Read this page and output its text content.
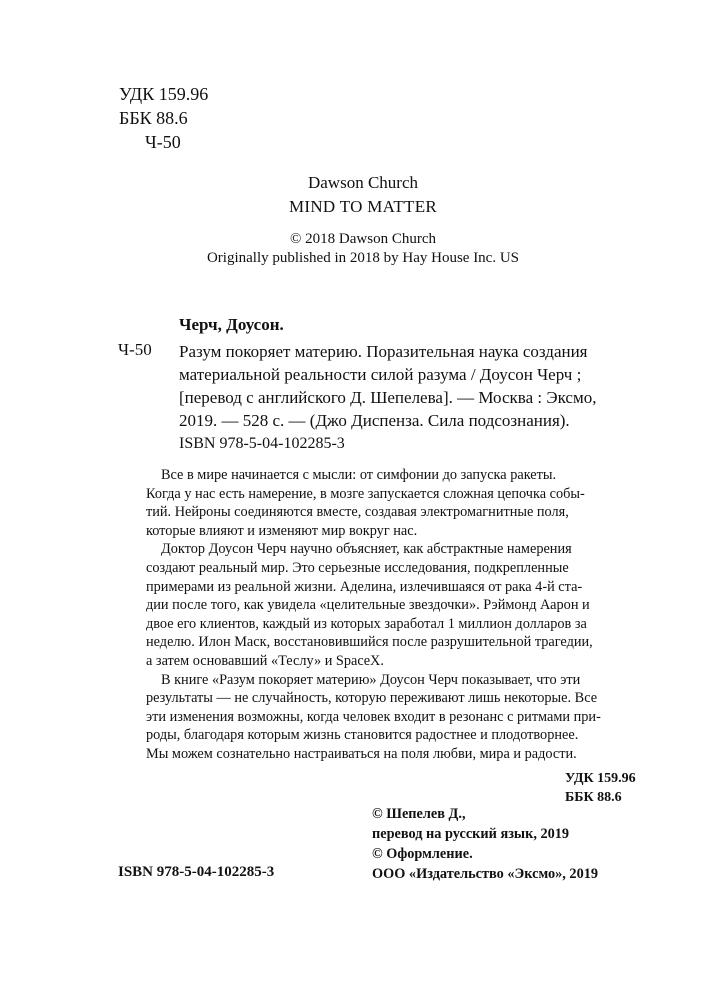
УДК 159.96
ББК 88.6
Ч-50
Dawson Church
MIND TO MATTER
© 2018 Dawson Church
Originally published in 2018 by Hay House Inc. US
Черч, Доусон.
Ч-50 Разум покоряет материю. Поразительная наука создания
материальной реальности силой разума / Доусон Черч ;
[перевод с английского Д. Шепелева]. — Москва : Эксмо,
2019. — 528 с. — (Джо Диспенза. Сила подсознания).
ISBN 978-5-04-102285-3
Все в мире начинается с мысли: от симфонии до запуска ракеты.
Когда у нас есть намерение, в мозге запускается сложная цепочка собы-
тий. Нейроны соединяются вместе, создавая электромагнитные поля,
которые влияют и изменяют мир вокруг нас.
Доктор Доусон Черч научно объясняет, как абстрактные намерения
создают реальный мир. Это серьезные исследования, подкрепленные
примерами из реальной жизни. Аделина, излечившаяся от рака 4-й ста-
дии после того, как увидела «целительные звездочки». Рэймонд Аарон и
двое его клиентов, каждый из которых заработал 1 миллион долларов за
неделю. Илон Маск, восстановившийся после разрушительной трагедии,
а затем основавший «Теслу» и SpaceX.
В книге «Разум покоряет материю» Доусон Черч показывает, что эти
результаты — не случайность, которую переживают лишь некоторые. Все
эти изменения возможны, когда человек входит в резонанс с ритмами при-
роды, благодаря которым жизнь становится радостнее и плодотворнее.
Мы можем сознательно настраиваться на поля любви, мира и радости.
УДК 159.96
ББК 88.6
© Шепелев Д.,
перевод на русский язык, 2019
© Оформление.
ООО «Издательство «Эксмо», 2019
ISBN 978-5-04-102285-3
